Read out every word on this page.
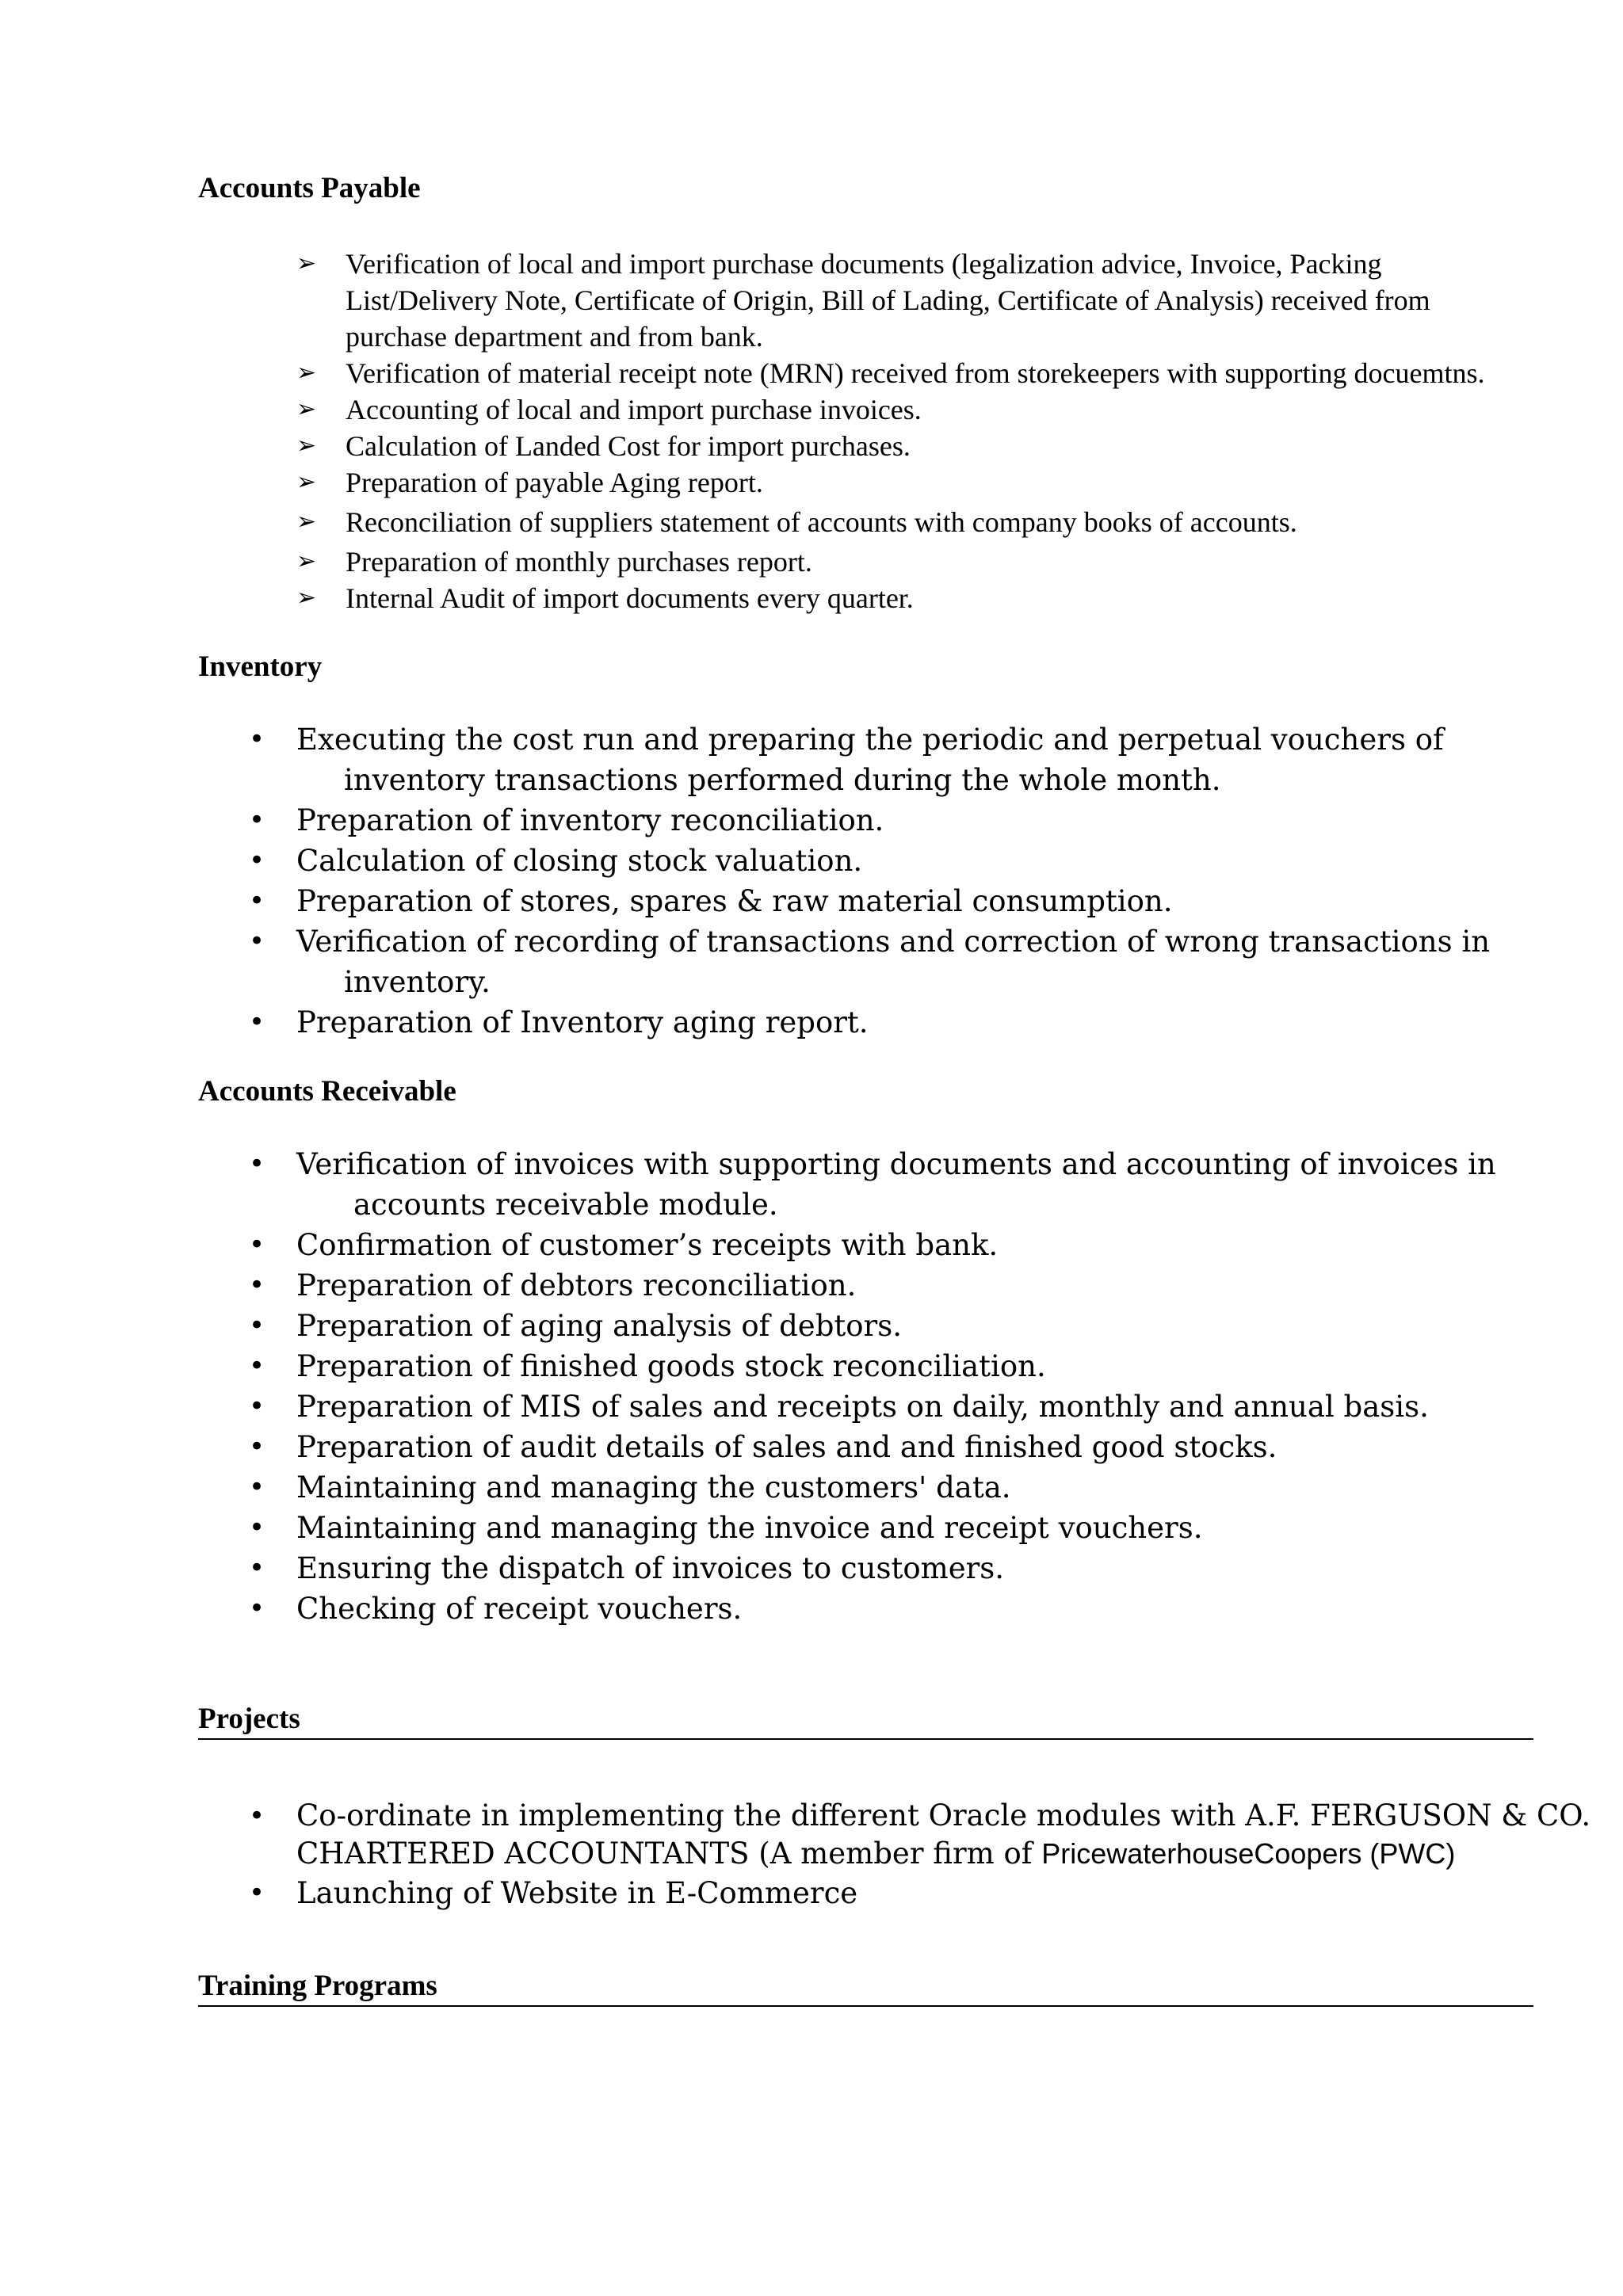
Accounts Payable
➢ Verification of local and import purchase documents (legalization advice, Invoice, Packing List/Delivery Note, Certificate of Origin, Bill of Lading, Certificate of Analysis) received from purchase department and from bank.
➢ Verification of material receipt note (MRN) received from storekeepers with supporting docuemtns.
➢ Accounting of local and import purchase invoices.
➢ Calculation of Landed Cost for import purchases.
➢ Preparation of payable Aging report.
➢ Reconciliation of suppliers statement of accounts with company books of accounts.
➢ Preparation of monthly purchases report.
➢ Internal Audit of import documents every quarter.
Inventory
• Executing the cost run and preparing the periodic and perpetual vouchers of
inventory transactions performed during the whole month.
• Preparation of inventory reconciliation.
• Calculation of closing stock valuation.
• Preparation of stores, spares & raw material consumption.
• Verification of recording of transactions and correction of wrong transactions in
inventory.
• Preparation of Inventory aging report.
Accounts Receivable
• Verification of invoices with supporting documents and accounting of invoices in
accounts receivable module.
• Confirmation of customer’s receipts with bank.
• Preparation of debtors reconciliation.
• Preparation of aging analysis of debtors.
• Preparation of finished goods stock reconciliation.
• Preparation of MIS of sales and receipts on daily, monthly and annual basis.
• Preparation of audit details of sales and and finished good stocks.
• Maintaining and managing the customers' data.
• Maintaining and managing the invoice and receipt vouchers.
• Ensuring the dispatch of invoices to customers.
• Checking of receipt vouchers.
Projects
• Co-ordinate in implementing the different Oracle modules with A.F. FERGUSON & CO. CHARTERED ACCOUNTANTS (A member firm of PricewaterhouseCoopers (PWC)
• Launching of Website in E-Commerce
Training Programs
